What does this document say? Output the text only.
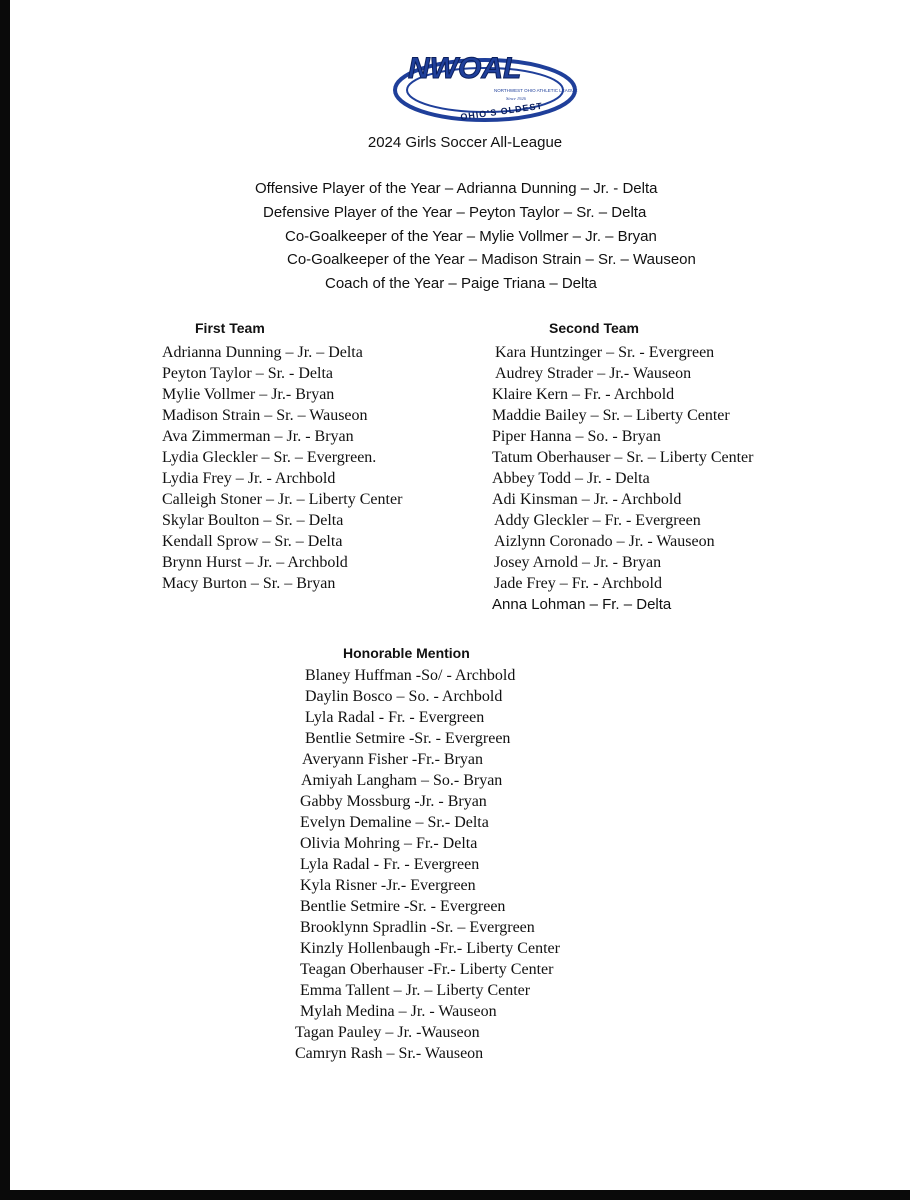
NWOAL
NORTHWEST OHIO ATHLETIC LEAGUE
Since 1926
OHIO'S OLDEST
2024 Girls Soccer All-League
Offensive Player of the Year – Adrianna Dunning – Jr. - Delta
Defensive Player of the Year – Peyton Taylor – Sr. – Delta
Co-Goalkeeper of the Year – Mylie Vollmer – Jr. – Bryan
Co-Goalkeeper of the Year – Madison Strain – Sr. – Wauseon
Coach of the Year – Paige Triana – Delta
First Team	Second Team
Adrianna Dunning – Jr. – Delta
Peyton Taylor – Sr. - Delta
Mylie Vollmer – Jr.- Bryan
Madison Strain – Sr. – Wauseon
Ava Zimmerman – Jr. - Bryan
Lydia Gleckler – Sr. – Evergreen.
Lydia Frey – Jr. - Archbold
Calleigh Stoner – Jr. – Liberty Center
Skylar Boulton – Sr. – Delta
Kendall Sprow – Sr. – Delta
Brynn Hurst – Jr. – Archbold
Macy Burton – Sr. – Bryan
Kara Huntzinger – Sr. - Evergreen
Audrey Strader – Jr.- Wauseon
Klaire Kern – Fr. - Archbold
Maddie Bailey – Sr. – Liberty Center
Piper Hanna – So. - Bryan
Tatum Oberhauser – Sr. – Liberty Center
Abbey Todd – Jr. - Delta
Adi Kinsman – Jr. - Archbold
Addy Gleckler – Fr. - Evergreen
Aizlynn Coronado – Jr. - Wauseon
Josey Arnold – Jr. - Bryan
Jade Frey – Fr. - Archbold
Anna Lohman – Fr. – Delta
Honorable Mention
Blaney Huffman -So/ - Archbold
Daylin Bosco – So. - Archbold
Lyla Radal - Fr. - Evergreen
Bentlie Setmire -Sr. - Evergreen
Averyann Fisher -Fr.- Bryan
Amiyah Langham – So.- Bryan
Gabby Mossburg -Jr. - Bryan
Evelyn Demaline – Sr.- Delta
Olivia Mohring – Fr.- Delta
Lyla Radal - Fr. - Evergreen
Kyla Risner -Jr.- Evergreen
Bentlie Setmire -Sr. - Evergreen
Brooklynn Spradlin -Sr. – Evergreen
Kinzly Hollenbaugh -Fr.- Liberty Center
Teagan Oberhauser -Fr.- Liberty Center
Emma Tallent – Jr. – Liberty Center
Mylah Medina – Jr. - Wauseon
Tagan Pauley – Jr. -Wauseon
Camryn Rash – Sr.- Wauseon
